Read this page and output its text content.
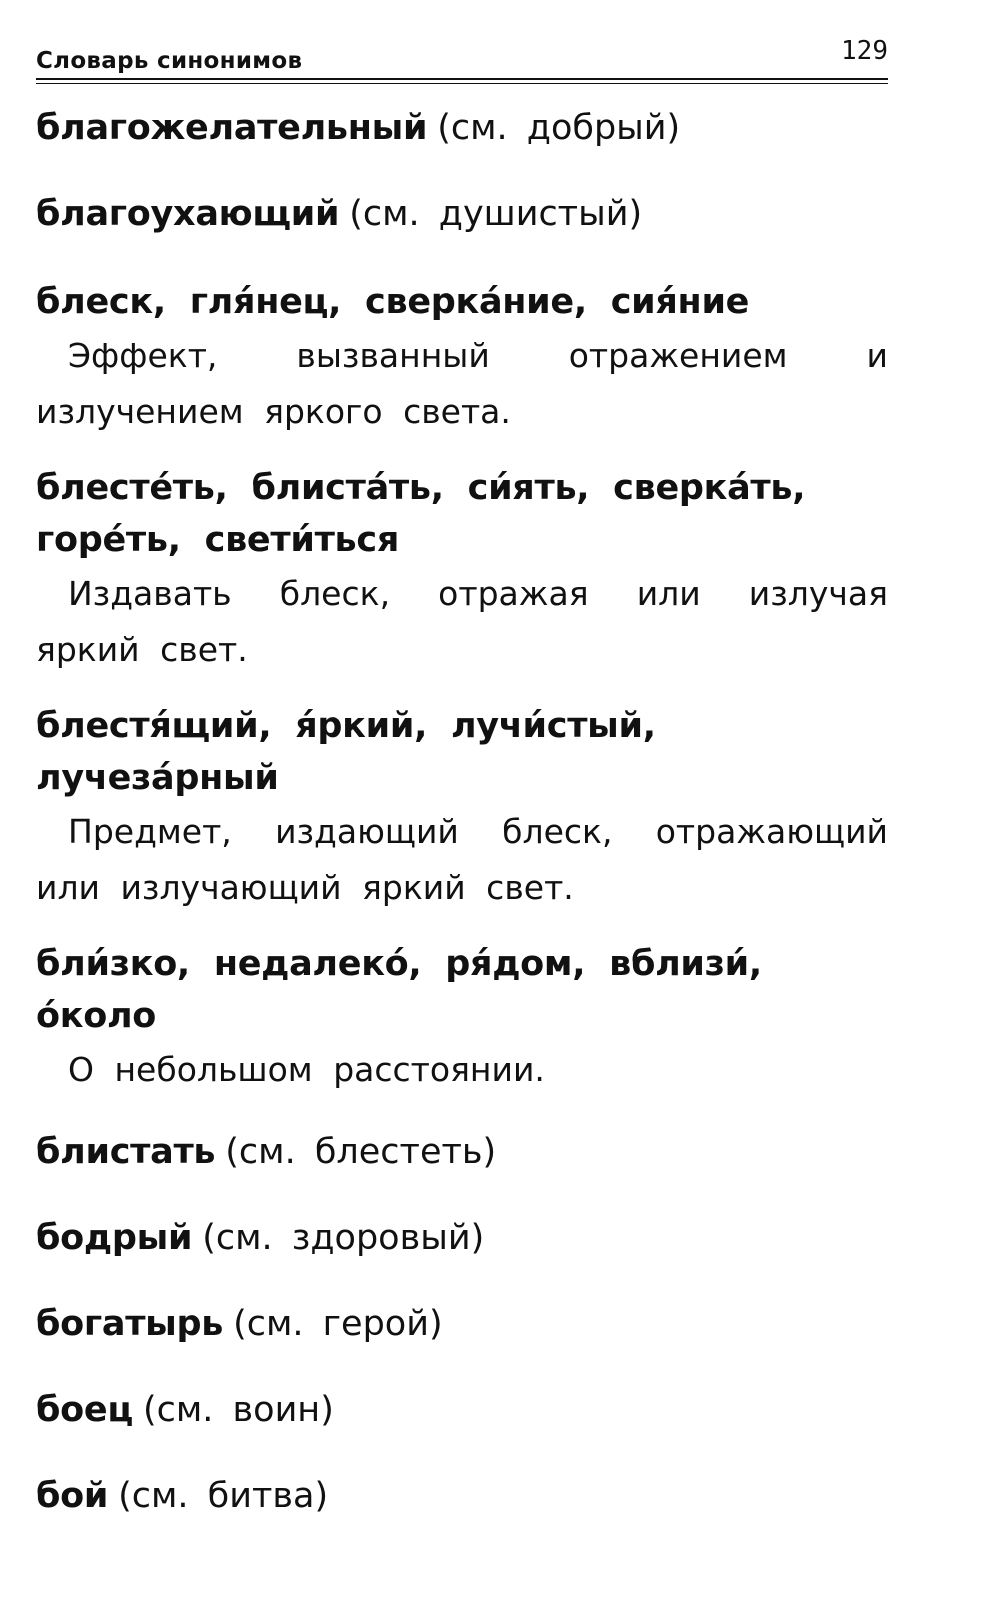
Словарь синонимов	129

благожелательный (см. добрый)

благоухающий (см. душистый)

блеск, гля́нец, сверка́ние, сия́ние
Эффект, вызванный отражением и излучением яркого света.
блесте́ть, блиста́ть, си́ять, сверка́ть, горе́ть, свети́ться
Издавать блеск, отражая или излучая яркий свет.
блестя́щий, я́ркий, лучи́стый, лучеза́рный
Предмет, издающий блеск, отражающий или излучающий яркий свет.
бли́зко, недалеко́, ря́дом, вблизи́, о́коло
О небольшом расстоянии.

блистать (см. блестеть)

бодрый (см. здоровый)

богатырь (см. герой)

боец (см. воин)

бой (см. битва)
